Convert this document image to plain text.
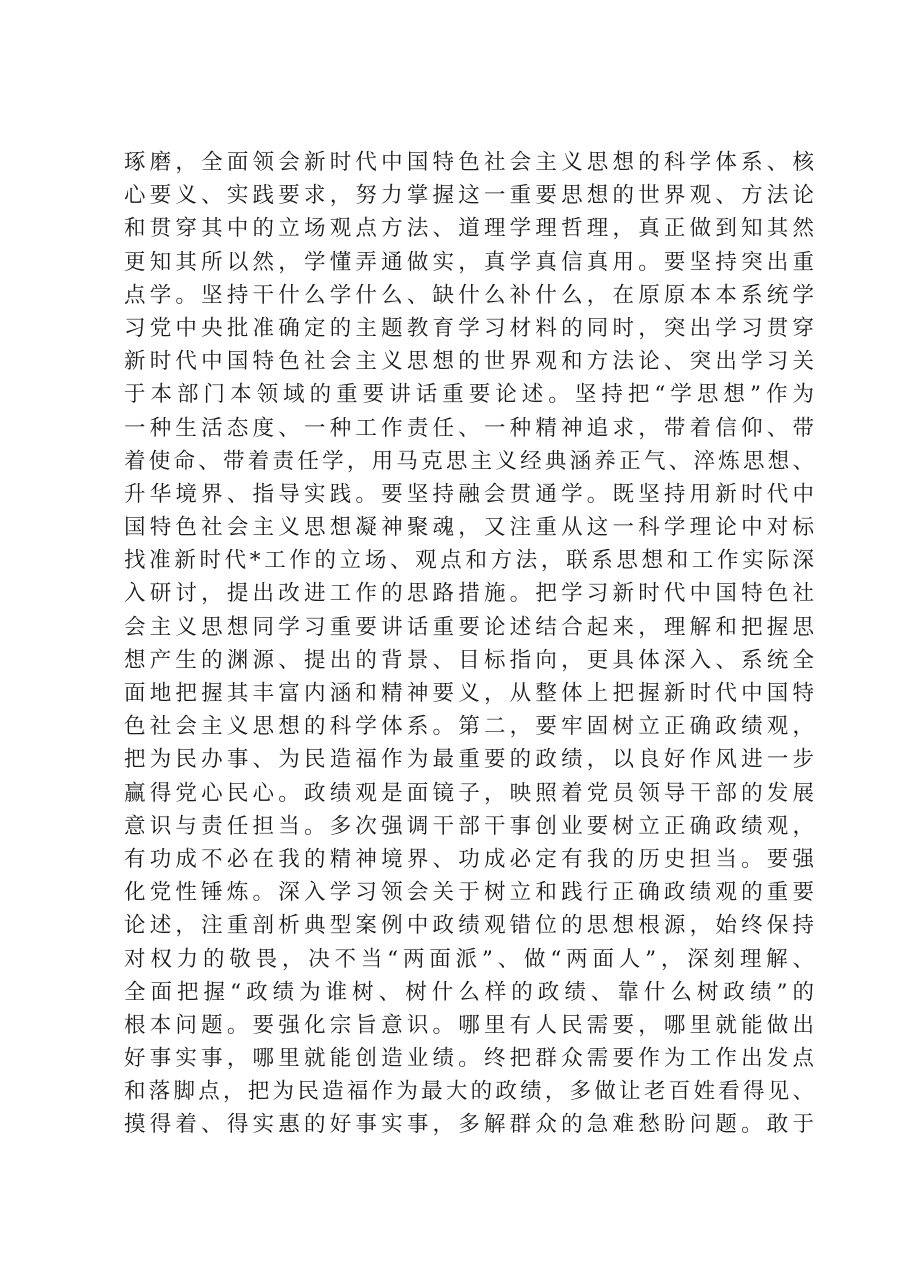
琢磨，全面领会新时代中国特色社会主义思想的科学体系、核
心要义、实践要求，努力掌握这一重要思想的世界观、方法论
和贯穿其中的立场观点方法、道理学理哲理，真正做到知其然
更知其所以然，学懂弄通做实，真学真信真用。要坚持突出重
点学。坚持干什么学什么、缺什么补什么，在原原本本系统学
习党中央批准确定的主题教育学习材料的同时，突出学习贯穿
新时代中国特色社会主义思想的世界观和方法论、突出学习关
于本部门本领域的重要讲话重要论述。坚持把“学思想”作为
一种生活态度、一种工作责任、一种精神追求，带着信仰、带
着使命、带着责任学，用马克思主义经典涵养正气、淬炼思想、
升华境界、指导实践。要坚持融会贯通学。既坚持用新时代中
国特色社会主义思想凝神聚魂，又注重从这一科学理论中对标
找准新时代*工作的立场、观点和方法，联系思想和工作实际深
入研讨，提出改进工作的思路措施。把学习新时代中国特色社
会主义思想同学习重要讲话重要论述结合起来，理解和把握思
想产生的渊源、提出的背景、目标指向，更具体深入、系统全
面地把握其丰富内涵和精神要义，从整体上把握新时代中国特
色社会主义思想的科学体系。第二，要牢固树立正确政绩观，
把为民办事、为民造福作为最重要的政绩，以良好作风进一步
赢得党心民心。政绩观是面镜子，映照着党员领导干部的发展
意识与责任担当。多次强调干部干事创业要树立正确政绩观，
有功成不必在我的精神境界、功成必定有我的历史担当。要强
化党性锤炼。深入学习领会关于树立和践行正确政绩观的重要
论述，注重剖析典型案例中政绩观错位的思想根源，始终保持
对权力的敬畏，决不当“两面派”、做“两面人”，深刻理解、
全面把握“政绩为谁树、树什么样的政绩、靠什么树政绩”的
根本问题。要强化宗旨意识。哪里有人民需要，哪里就能做出
好事实事，哪里就能创造业绩。终把群众需要作为工作出发点
和落脚点，把为民造福作为最大的政绩，多做让老百姓看得见、
摸得着、得实惠的好事实事，多解群众的急难愁盼问题。敢于
